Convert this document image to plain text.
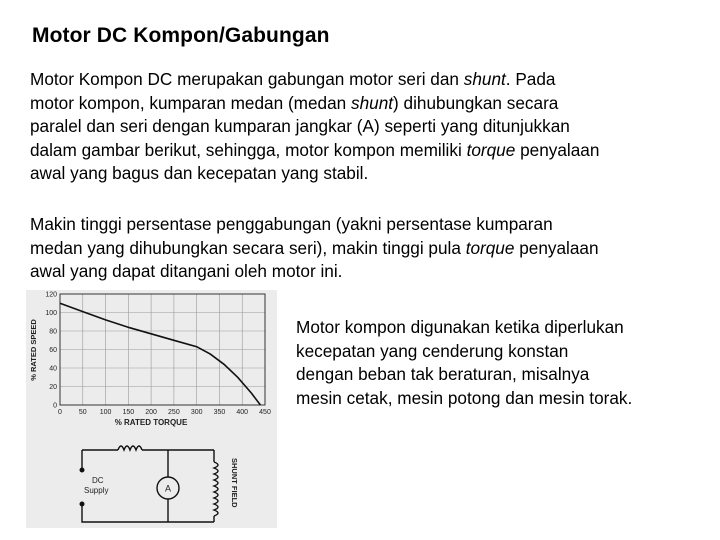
Motor DC Kompon/Gabungan
Motor Kompon DC merupakan gabungan motor seri dan shunt. Pada
motor kompon, kumparan medan (medan shunt) dihubungkan secara
paralel dan seri dengan kumparan jangkar (A) seperti yang ditunjukkan
dalam gambar berikut, sehingga, motor kompon memiliki torque penyalaan
awal yang bagus dan kecepatan yang stabil.
Makin tinggi persentase penggabungan (yakni persentase kumparan
medan yang dihubungkan secara seri), makin tinggi pula torque penyalaan
awal yang dapat ditangani oleh motor ini.
0
20
40
60
80
100
120
0 50 100 150 200 250 300 350 400 450
% RATED SPEED
% RATED TORQUE
DC
Supply	A	SHUNT FIELD
Motor kompon digunakan ketika diperlukan
kecepatan yang cenderung konstan
dengan beban tak beraturan, misalnya
mesin cetak, mesin potong dan mesin torak.
